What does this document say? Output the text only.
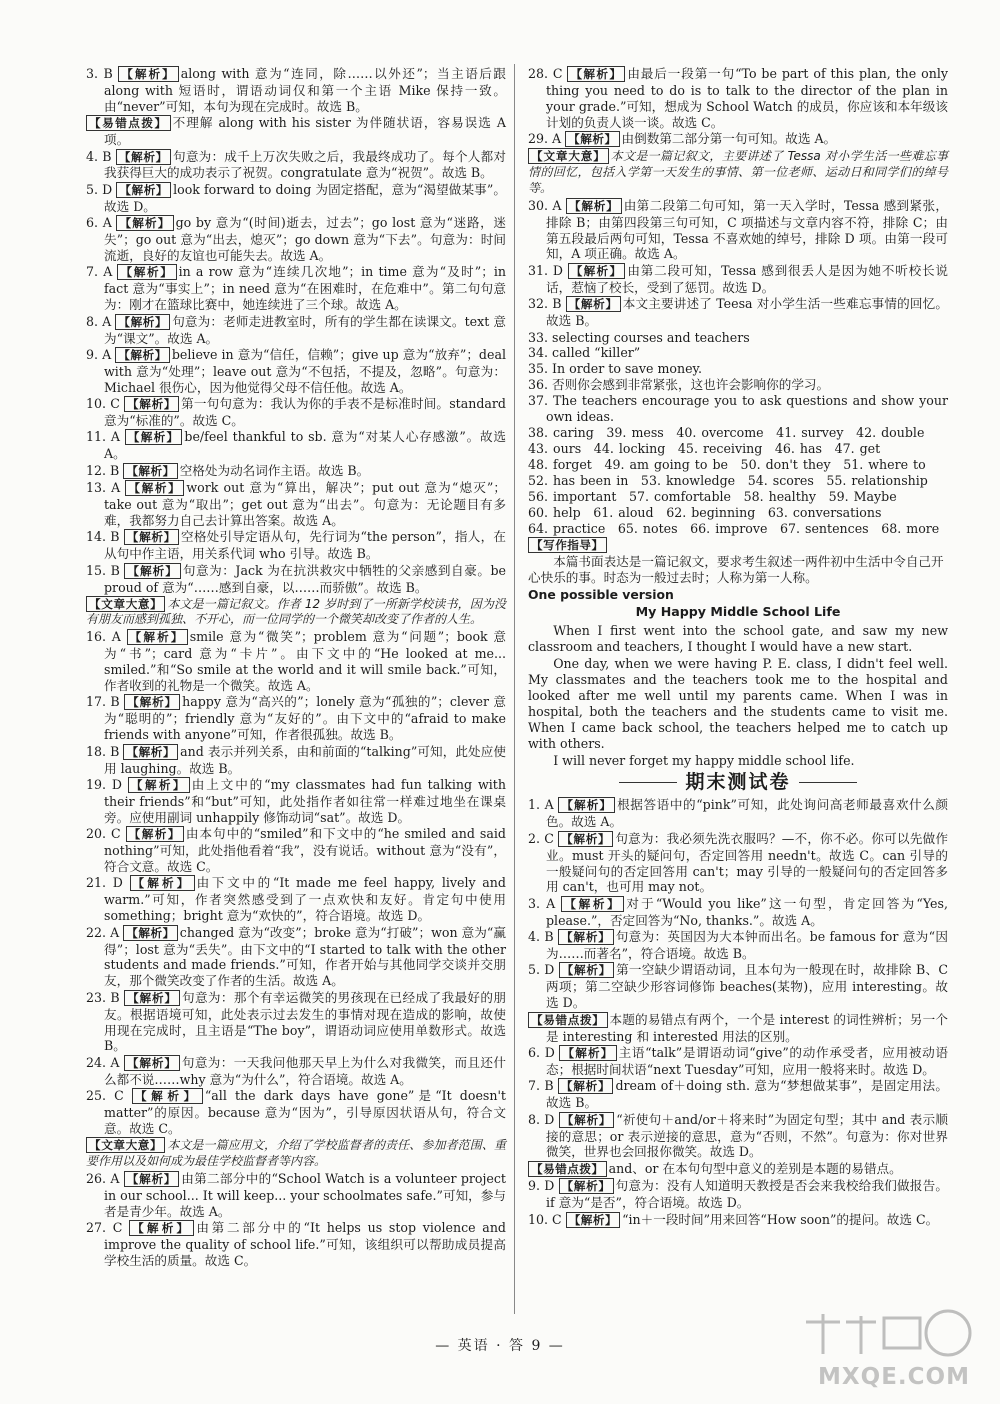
3. B 【解析】 along with 意为“连同，除……以外还”；当主语后跟 along with 短语时，谓语动词仅和第一个主语 Mike 保持一致。由“never”可知，本句为现在完成时。故选 B。
【易错点拨】 不理解 along with his sister 为伴随状语，容易误选 A 项。
4. B 【解析】 句意为：成千上万次失败之后，我最终成功了。每个人都对我获得巨大的成功表示了祝贺。congratulate 意为“祝贺”。故选 B。
5. D 【解析】 look forward to doing 为固定搭配，意为“渴望做某事”。故选 D。
6. A 【解析】 go by 意为“(时间)逝去，过去”；go lost 意为“迷路，迷失”；go out 意为“出去，熄灭”；go down 意为“下去”。句意为：时间流逝，良好的友谊也可能失去。故选 A。
7. A 【解析】 in a row 意为“连续几次地”；in time 意为“及时”；in fact 意为“事实上”；in need 意为“在困难时，在危难中”。第二句句意为：刚才在篮球比赛中，她连续进了三个球。故选 A。
8. A 【解析】 句意为：老师走进教室时，所有的学生都在读课文。text 意为“课文”。故选 A。
9. A 【解析】 believe in 意为“信任，信赖”；give up 意为“放弃”；deal with 意为“处理”；leave out 意为“不包括，不提及，忽略”。句意为：Michael 很伤心，因为他觉得父母不信任他。故选 A。
10. C 【解析】 第一句句意为：我认为你的手表不是标准时间。standard 意为“标准的”。故选 C。
11. A 【解析】 be/feel thankful to sb. 意为“对某人心存感激”。故选 A。
12. B 【解析】 空格处为动名词作主语。故选 B。
13. A 【解析】 work out 意为“算出，解决”；put out 意为“熄灭”；take out 意为“取出”；get out 意为“出去”。句意为：无论题目有多难，我都努力自己去计算出答案。故选 A。
14. B 【解析】 空格处引导定语从句，先行词为“the person”，指人，在从句中作主语，用关系代词 who 引导。故选 B。
15. B 【解析】 句意为：Jack 为在抗洪救灾中牺牲的父亲感到自豪。be proud of 意为“……感到自豪，以……而骄傲”。故选 B。
【文章大意】 本文是一篇记叙文。作者 12 岁时到了一所新学校读书，因为没有朋友而感到孤独、不开心，而一位同学的一个微笑却改变了作者的人生。
16. A 【解析】 smile 意为“微笑”；problem 意为“问题”；book 意为“书”；card 意为“卡片”。由下文中的“He looked at me... smiled.”和“So smile at the world and it will smile back.”可知，作者收到的礼物是一个微笑。故选 A。
17. B 【解析】 happy 意为“高兴的”；lonely 意为“孤独的”；clever 意为“聪明的”；friendly 意为“友好的”。由下文中的“afraid to make friends with anyone”可知，作者很孤独。故选 B。
18. B 【解析】 and 表示并列关系，由和前面的“talking”可知，此处应使用 laughing。故选 B。
19. D 【解析】 由上文中的“my classmates had fun talking with their friends”和“but”可知，此处指作者如往常一样难过地坐在课桌旁。应使用副词 unhappily 修饰动词“sat”。故选 D。
20. C 【解析】 由本句中的“smiled”和下文中的“he smiled and said nothing”可知，此处指他看着“我”，没有说话。without 意为“没有”，符合文意。故选 C。
21. D 【解析】 由下文中的“It made me feel happy, lively and warm.”可知，作者突然感受到了一点欢快和友好。肯定句中使用 something；bright 意为“欢快的”，符合语境。故选 D。
22. A 【解析】 changed 意为“改变”；broke 意为“打破”；won 意为“赢得”；lost 意为“丢失”。由下文中的“I started to talk with the other students and made friends.”可知，作者开始与其他同学交谈并交朋友，那个微笑改变了作者的生活。故选 A。
23. B 【解析】 句意为：那个有幸运微笑的男孩现在已经成了我最好的朋友。根据语境可知，此处表示过去发生的事情对现在造成的影响，故使用现在完成时，且主语是“The boy”，谓语动词应使用单数形式。故选 B。
24. A 【解析】 句意为：一天我问他那天早上为什么对我微笑，而且还什么都不说……why 意为“为什么”，符合语境。故选 A。
25. C 【解析】 “all the dark days have gone”是“It doesn't matter”的原因。because 意为“因为”，引导原因状语从句，符合文意。故选 C。
【文章大意】 本文是一篇应用文，介绍了学校监督者的责任、参加者范围、重要作用以及如何成为最佳学校监督者等内容。
26. A 【解析】 由第二部分中的“School Watch is a volunteer project in our school... It will keep... your schoolmates safe.”可知，参与者是青少年。故选 A。
27. C 【解析】 由第二部分中的“It helps us stop violence and improve the quality of school life.”可知，该组织可以帮助成员提高学校生活的质量。故选 C。
28. C 【解析】 由最后一段第一句“To be part of this plan, the only thing you need to do is to talk to the director of the plan in your grade.”可知，想成为 School Watch 的成员，你应该和本年级该计划的负责人谈一谈。故选 C。
29. A 【解析】 由倒数第二部分第一句可知。故选 A。
【文章大意】 本文是一篇记叙文，主要讲述了 Tessa 对小学生活一些难忘事情的回忆，包括入学第一天发生的事情、第一位老师、运动日和同学们的绰号等。
30. A 【解析】 由第二段第二句可知，第一天入学时，Tessa 感到紧张，排除 B；由第四段第三句可知，C 项描述与文章内容不符，排除 C；由第五段最后两句可知，Tessa 不喜欢她的绰号，排除 D 项。由第一段可知，A 项正确。故选 A。
31. D 【解析】 由第二段可知，Tessa 感到很丢人是因为她不听校长说话，惹恼了校长，受到了惩罚。故选 D。
32. B 【解析】 本文主要讲述了 Teesa 对小学生活一些难忘事情的回忆。故选 B。
33. selecting courses and teachers
34. called “killer”
35. In order to save money.
36. 否则你会感到非常紧张，这也许会影响你的学习。
37. The teachers encourage you to ask questions and show your own ideas.
38. caring　39. mess　40. overcome　41. survey　42. double
43. ours　44. locking　45. receiving　46. has　47. get
48. forget　49. am going to be　50. don't they　51. where to
52. has been in　53. knowledge　54. scores　55. relationship
56. important　57. comfortable　58. healthy　59. Maybe
60. help　61. aloud　62. beginning　63. conversations
64. practice　65. notes　66. improve　67. sentences　68. more
【写作指导】
本篇书面表达是一篇记叙文，要求考生叙述一两件初中生活中令自己开心快乐的事。时态为一般过去时；人称为第一人称。
One possible version
My Happy Middle School Life
When I first went into the school gate, and saw my new classroom and teachers, I thought I would have a new start.
One day, when we were having P. E. class, I didn't feel well. My classmates and the teachers took me to the hospital and looked after me well until my parents came. When I was in hospital, both the teachers and the students came to visit me. When I came back school, the teachers helped me to catch up with others.
I will never forget my happy middle school life.
期末测试卷
1. A 【解析】 根据答语中的“pink”可知，此处询问高老师最喜欢什么颜色。故选 A。
2. C 【解析】 句意为：我必须先洗衣服吗？—不，你不必。你可以先做作业。must 开头的疑问句，否定回答用 needn't。故选 C。can 引导的一般疑问句的否定回答用 can't；may 引导的一般疑问句的否定回答多用 can't，也可用 may not。
3. A 【解析】 对于“Would you like”这一句型，肯定回答为“Yes, please.”，否定回答为“No, thanks.”。故选 A。
4. B 【解析】 句意为：英国因为大本钟而出名。be famous for 意为“因为……而著名”，符合语境。故选 B。
5. D 【解析】 第一空缺少谓语动词，且本句为一般现在时，故排除 B、C 两项；第二空缺少形容词修饰 beaches(某物)，应用 interesting。故选 D。
【易错点拨】 本题的易错点有两个，一个是 interest 的词性辨析；另一个是 interesting 和 interested 用法的区别。
6. D 【解析】 主语“talk”是谓语动词“give”的动作承受者，应用被动语态；根据时间状语“next Tuesday”可知，应用一般将来时。故选 D。
7. B 【解析】 dream of＋doing sth. 意为“梦想做某事”，是固定用法。故选 B。
8. D 【解析】 “祈使句＋and/or＋将来时”为固定句型；其中 and 表示顺接的意思；or 表示逆接的意思，意为“否则，不然”。句意为：你对世界微笑，世界也会回报你微笑。故选 D。
【易错点拨】 and、or 在本句句型中意义的差别是本题的易错点。
9. D 【解析】 句意为：没有人知道明天教授是否会来我校给我们做报告。if 意为“是否”，符合语境。故选 D。
10. C 【解析】 “in＋一段时间”用来回答“How soon”的提问。故选 C。
— 英语 · 答 9 —
MXQE.COM
